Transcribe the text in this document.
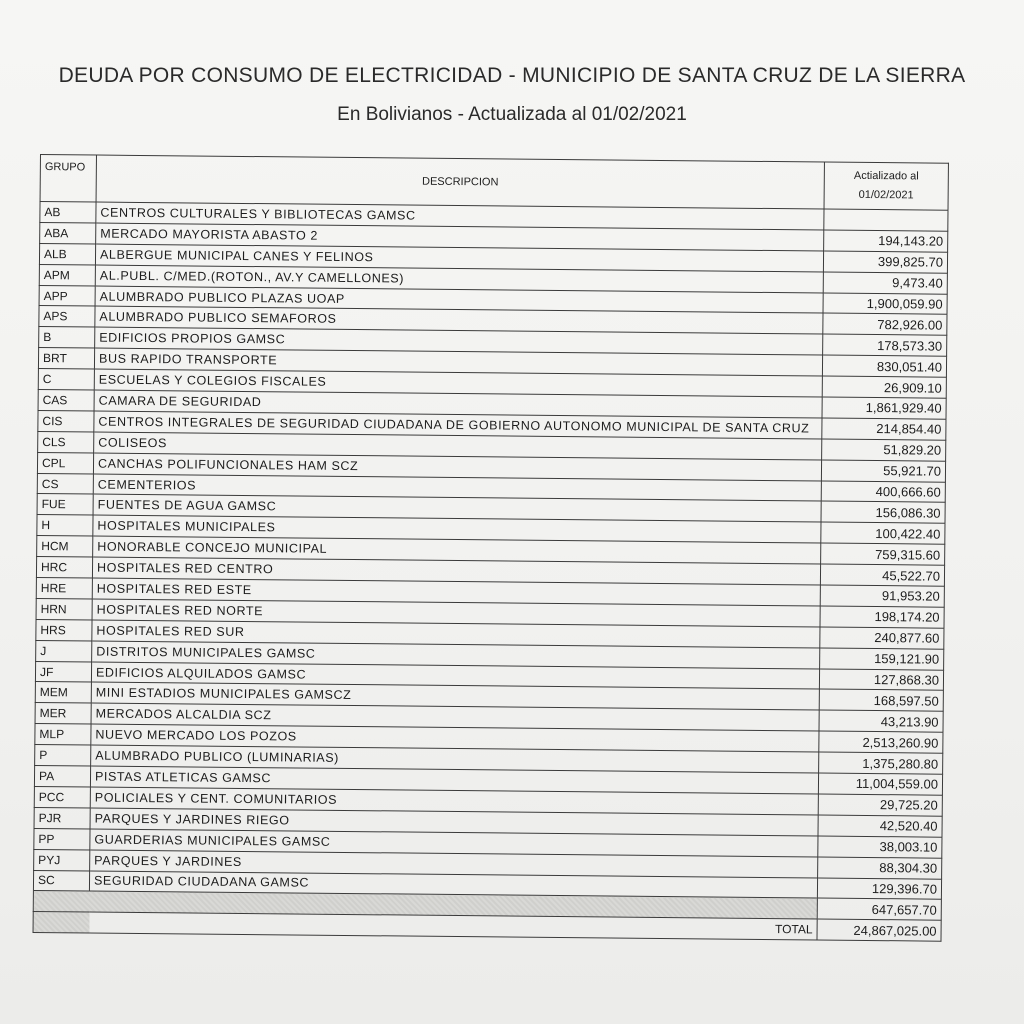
DEUDA POR CONSUMO DE ELECTRICIDAD - MUNICIPIO DE SANTA CRUZ DE LA SIERRA
En Bolivianos - Actualizada al 01/02/2021
GRUPO	DESCRIPCION	Actializado al
01/02/2021

AB	CENTROS CULTURALES Y BIBLIOTECAS GAMSC	
ABA	MERCADO MAYORISTA ABASTO 2	194,143.20
ALB	ALBERGUE MUNICIPAL CANES Y FELINOS	399,825.70
APM	AL.PUBL. C/MED.(ROTON., AV.Y CAMELLONES)	9,473.40
APP	ALUMBRADO PUBLICO PLAZAS UOAP	1,900,059.90
APS	ALUMBRADO PUBLICO SEMAFOROS	782,926.00
B	EDIFICIOS PROPIOS GAMSC	178,573.30
BRT	BUS RAPIDO TRANSPORTE	830,051.40
C	ESCUELAS Y COLEGIOS FISCALES	26,909.10
CAS	CAMARA DE SEGURIDAD	1,861,929.40
CIS	CENTROS INTEGRALES DE SEGURIDAD CIUDADANA DE GOBIERNO AUTONOMO MUNICIPAL DE SANTA CRUZ	214,854.40
CLS	COLISEOS	51,829.20
CPL	CANCHAS POLIFUNCIONALES HAM SCZ	55,921.70
CS	CEMENTERIOS	400,666.60
FUE	FUENTES DE AGUA GAMSC	156,086.30
H	HOSPITALES MUNICIPALES	100,422.40
HCM	HONORABLE CONCEJO MUNICIPAL	759,315.60
HRC	HOSPITALES RED CENTRO	45,522.70
HRE	HOSPITALES RED ESTE	91,953.20
HRN	HOSPITALES RED NORTE	198,174.20
HRS	HOSPITALES RED SUR	240,877.60
J	DISTRITOS MUNICIPALES GAMSC	159,121.90
JF	EDIFICIOS ALQUILADOS GAMSC	127,868.30
MEM	MINI ESTADIOS MUNICIPALES GAMSCZ	168,597.50
MER	MERCADOS ALCALDIA SCZ	43,213.90
MLP	NUEVO MERCADO LOS POZOS	2,513,260.90
P	ALUMBRADO PUBLICO (LUMINARIAS)	1,375,280.80
PA	PISTAS ATLETICAS GAMSC	11,004,559.00
PCC	POLICIALES Y CENT. COMUNITARIOS	29,725.20
PJR	PARQUES Y JARDINES RIEGO	42,520.40
PP	GUARDERIAS MUNICIPALES GAMSC	38,003.10
PYJ	PARQUES Y JARDINES	88,304.30
SC	SEGURIDAD CIUDADANA GAMSC	129,396.70
		647,657.70
	TOTAL	24,867,025.00
